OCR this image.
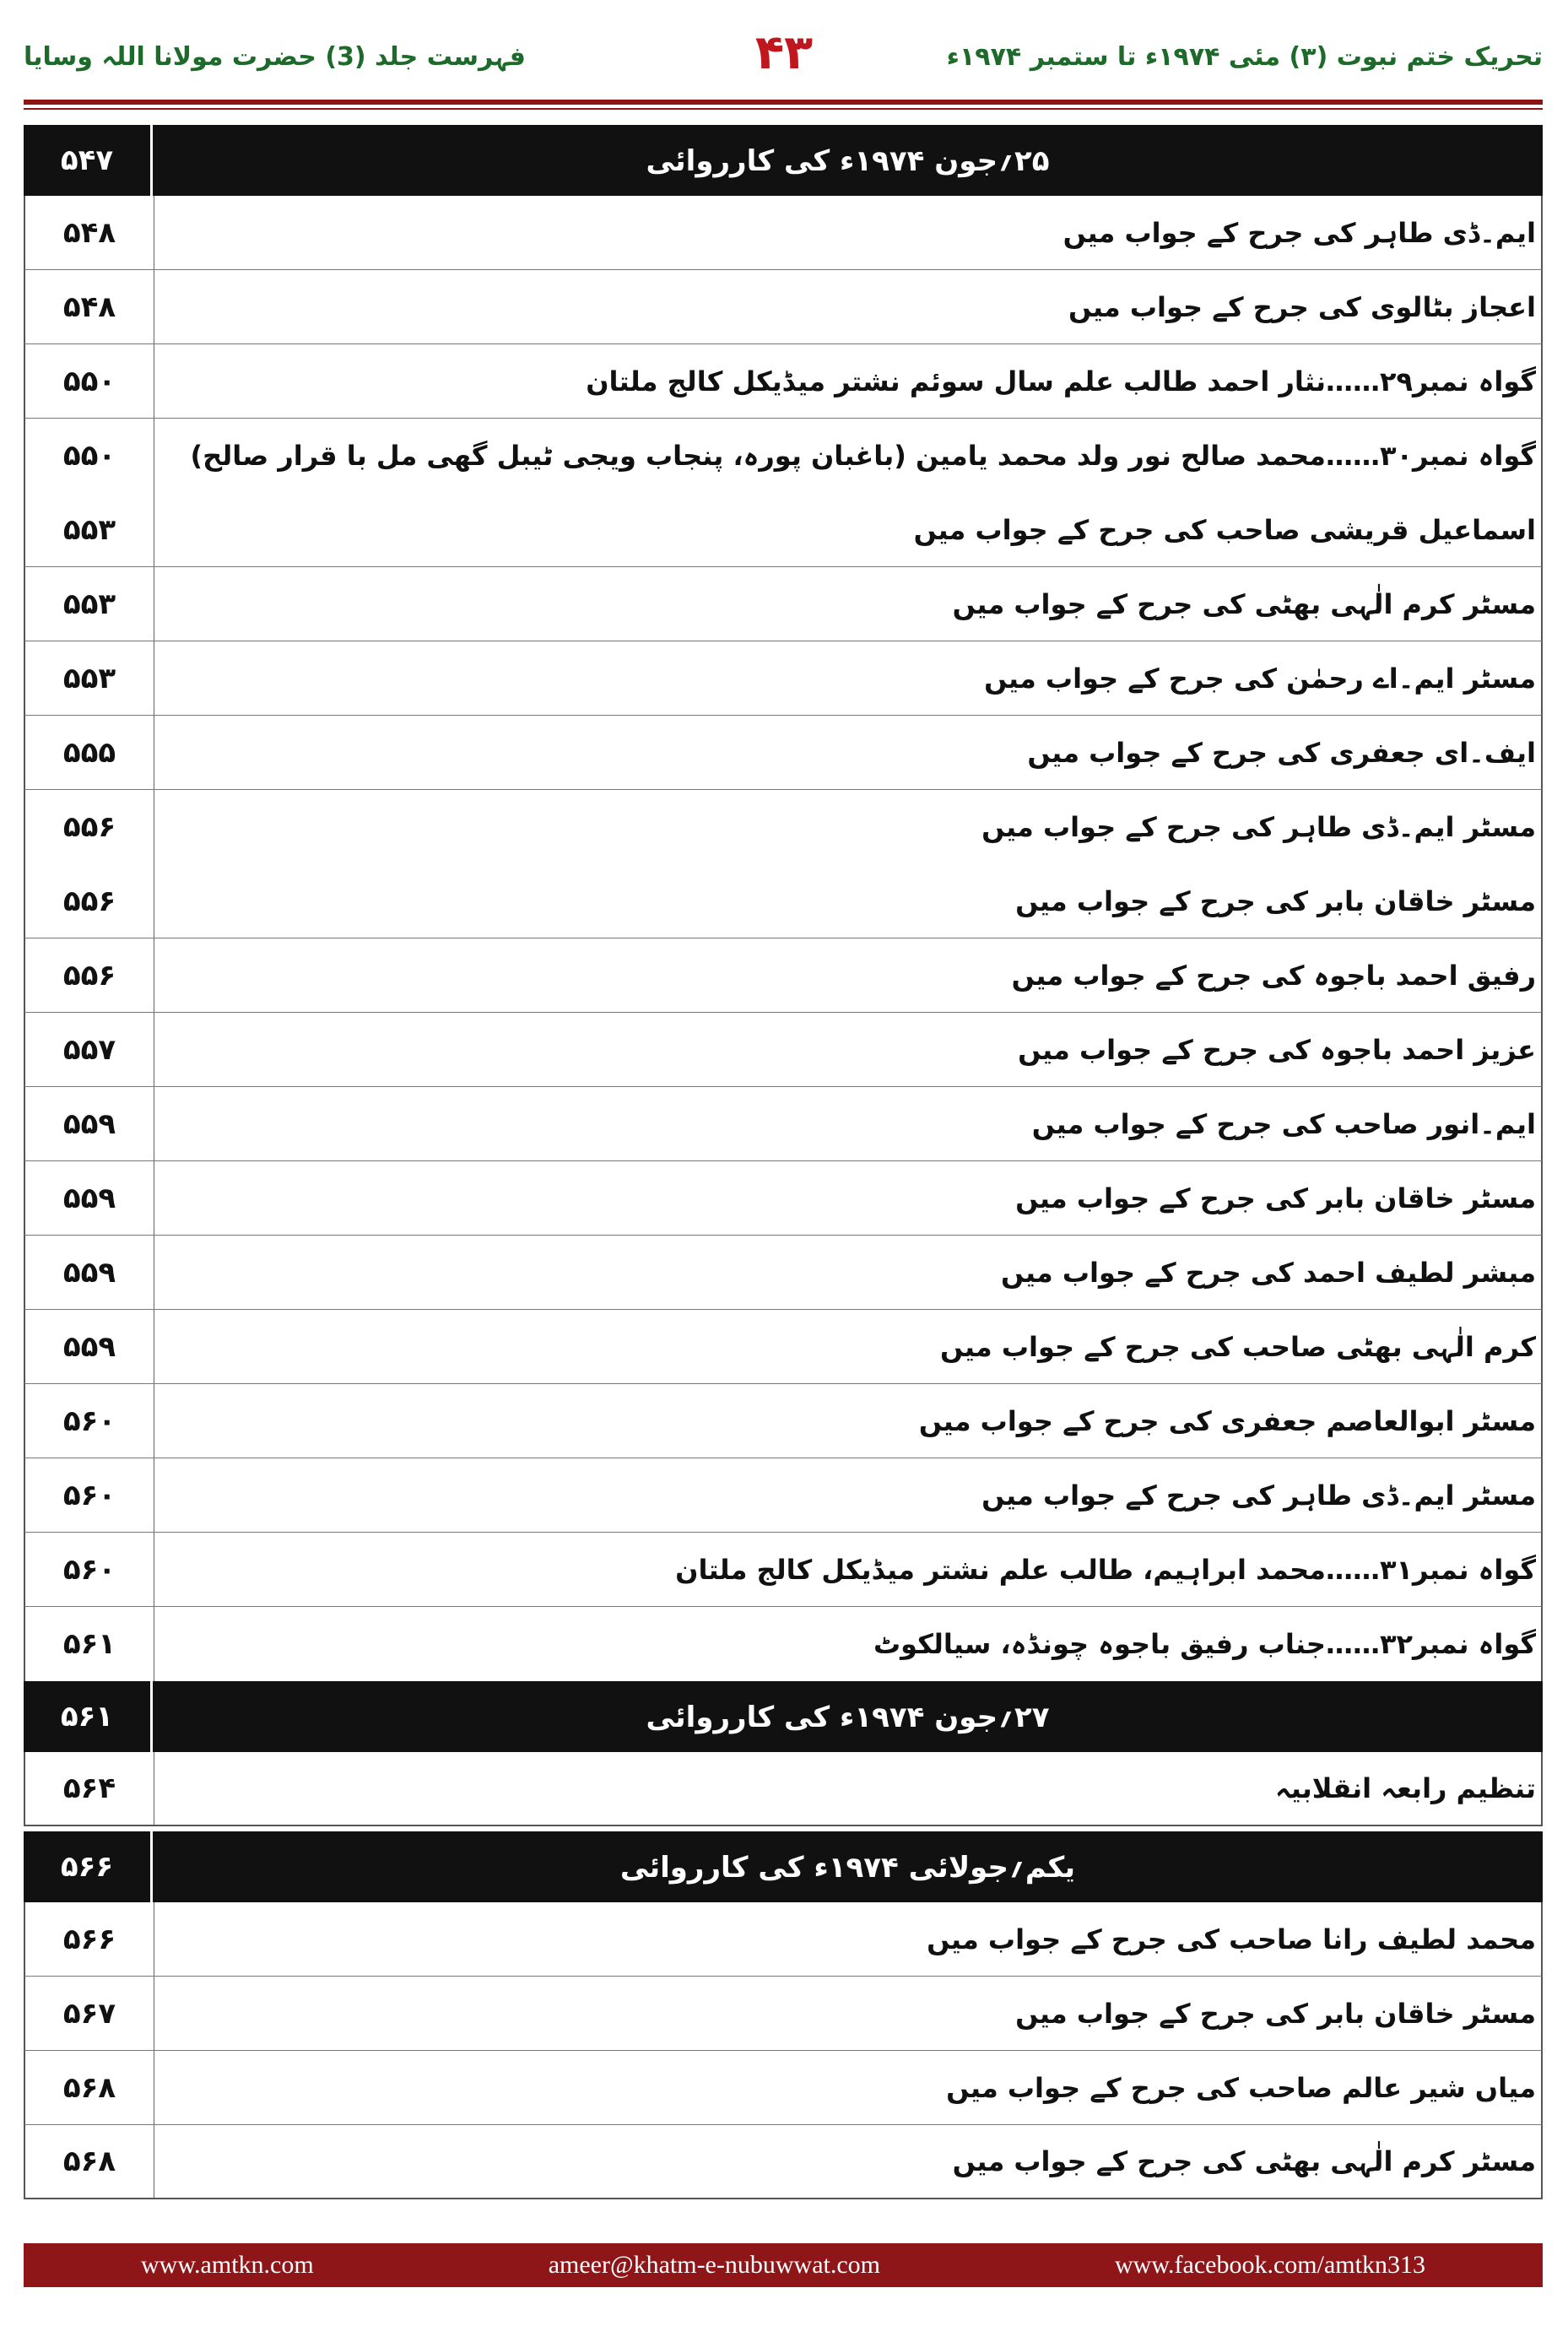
تحریک ختم نبوت (۳) مئی ۱۹۷۴ء تا ستمبر ۱۹۷۴ء
۴۳
فہرست جلد (3) حضرت مولانا اللہ وسایا
۵۴۷	۲۵؍جون ۱۹۷۴ء کی کارروائی
۵۴۸	ایم۔ڈی طاہر کی جرح کے جواب میں
۵۴۸	اعجاز بٹالوی کی جرح کے جواب میں
۵۵۰	گواہ نمبر۲۹……نثار احمد طالب علم سال سوئم نشتر میڈیکل کالج ملتان
۵۵۰	گواہ نمبر۳۰……محمد صالح نور ولد محمد یامین (باغبان پورہ، پنجاب ویجی ٹیبل گھی مل با قرار صالح)
۵۵۳	اسماعیل قریشی صاحب کی جرح کے جواب میں
۵۵۳	مسٹر کرم الٰہی بھٹی کی جرح کے جواب میں
۵۵۳	مسٹر ایم۔اے رحمٰن کی جرح کے جواب میں
۵۵۵	ایف۔ای جعفری کی جرح کے جواب میں
۵۵۶	مسٹر ایم۔ڈی طاہر کی جرح کے جواب میں
۵۵۶	مسٹر خاقان بابر کی جرح کے جواب میں
۵۵۶	رفیق احمد باجوہ کی جرح کے جواب میں
۵۵۷	عزیز احمد باجوہ کی جرح کے جواب میں
۵۵۹	ایم۔انور صاحب کی جرح کے جواب میں
۵۵۹	مسٹر خاقان بابر کی جرح کے جواب میں
۵۵۹	مبشر لطیف احمد کی جرح کے جواب میں
۵۵۹	کرم الٰہی بھٹی صاحب کی جرح کے جواب میں
۵۶۰	مسٹر ابوالعاصم جعفری کی جرح کے جواب میں
۵۶۰	مسٹر ایم۔ڈی طاہر کی جرح کے جواب میں
۵۶۰	گواہ نمبر۳۱……محمد ابراہیم، طالب علم نشتر میڈیکل کالج ملتان
۵۶۱	گواہ نمبر۳۲……جناب رفیق باجوہ چونڈہ، سیالکوٹ
۵۶۱	۲۷؍جون ۱۹۷۴ء کی کارروائی
۵۶۴	تنظیم رابعہ انقلابیہ
۵۶۶	یکم؍جولائی ۱۹۷۴ء کی کارروائی
۵۶۶	محمد لطیف رانا صاحب کی جرح کے جواب میں
۵۶۷	مسٹر خاقان بابر کی جرح کے جواب میں
۵۶۸	میاں شیر عالم صاحب کی جرح کے جواب میں
۵۶۸	مسٹر کرم الٰہی بھٹی کی جرح کے جواب میں
www.amtkn.com	ameer@khatm-e-nubuwwat.com	www.facebook.com/amtkn313
